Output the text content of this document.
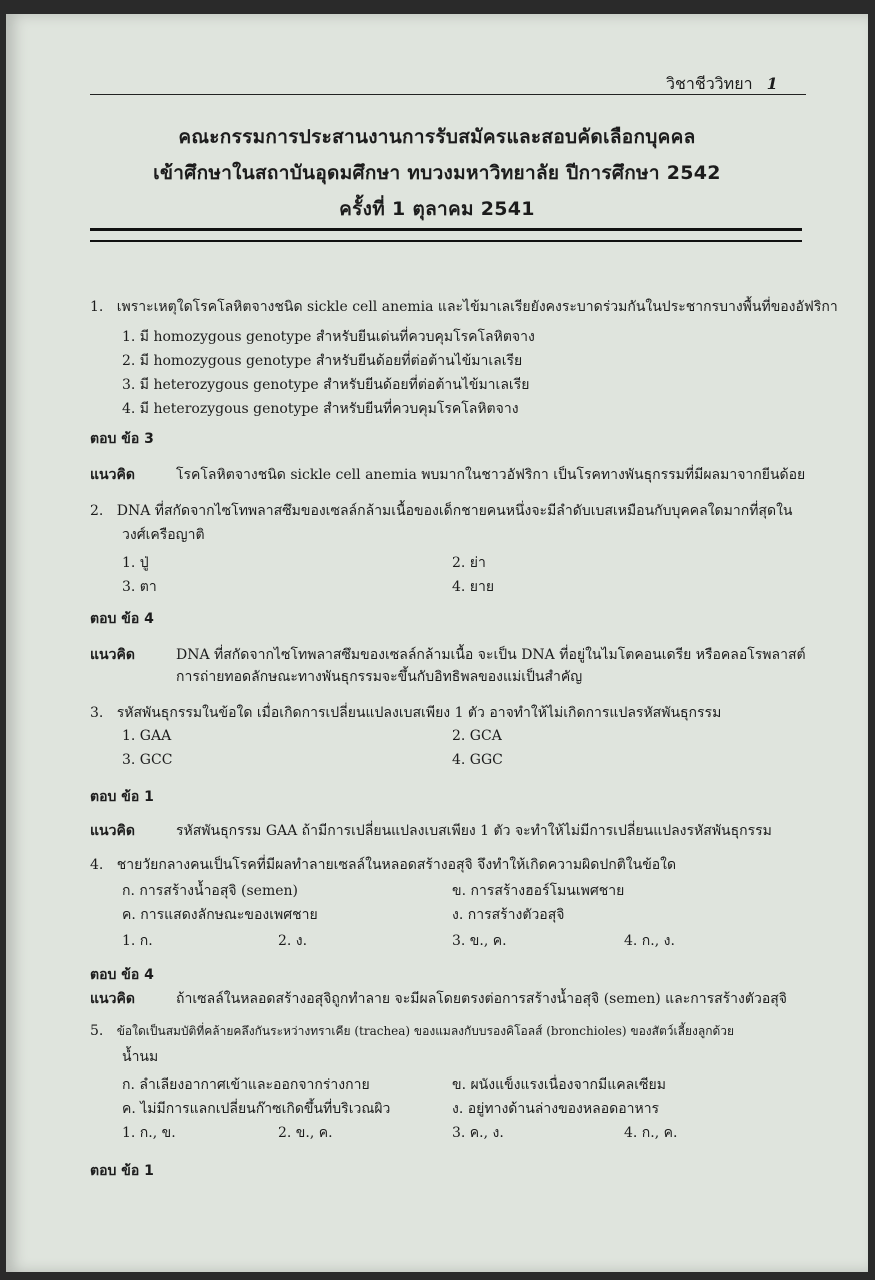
วิชาชีววิทยา 1
คณะกรรมการประสานงานการรับสมัครและสอบคัดเลือกบุคคล
เข้าศึกษาในสถาบันอุดมศึกษา ทบวงมหาวิทยาลัย ปีการศึกษา 2542
ครั้งที่ 1 ตุลาคม 2541
1. เพราะเหตุใดโรคโลหิตจางชนิด sickle cell anemia และไข้มาเลเรียยังคงระบาดร่วมกันในประชากรบางพื้นที่ของอัฟริกา
1. มี homozygous genotype สำหรับยีนเด่นที่ควบคุมโรคโลหิตจาง
2. มี homozygous genotype สำหรับยีนด้อยที่ต่อต้านไข้มาเลเรีย
3. มี heterozygous genotype สำหรับยีนด้อยที่ต่อต้านไข้มาเลเรีย
4. มี heterozygous genotype สำหรับยีนที่ควบคุมโรคโลหิตจาง
ตอบ ข้อ 3
แนวคิด	โรคโลหิตจางชนิด sickle cell anemia พบมากในชาวอัฟริกา เป็นโรคทางพันธุกรรมที่มีผลมาจากยีนด้อย
2. DNA ที่สกัดจากไซโทพลาสซึมของเซลล์กล้ามเนื้อของเด็กชายคนหนึ่งจะมีลำดับเบสเหมือนกับบุคคลใดมากที่สุดใน
วงศ์เครือญาติ
1. ปู่	2. ย่า
3. ตา	4. ยาย
ตอบ ข้อ 4
แนวคิด	DNA ที่สกัดจากไซโทพลาสซึมของเซลล์กล้ามเนื้อ จะเป็น DNA ที่อยู่ในไมโตคอนเดรีย หรือคลอโรพลาสต์
การถ่ายทอดลักษณะทางพันธุกรรมจะขึ้นกับอิทธิพลของแม่เป็นสำคัญ
3. รหัสพันธุกรรมในข้อใด เมื่อเกิดการเปลี่ยนแปลงเบสเพียง 1 ตัว อาจทำให้ไม่เกิดการแปลรหัสพันธุกรรม
1. GAA	2. GCA
3. GCC	4. GGC
ตอบ ข้อ 1
แนวคิด	รหัสพันธุกรรม GAA ถ้ามีการเปลี่ยนแปลงเบสเพียง 1 ตัว จะทำให้ไม่มีการเปลี่ยนแปลงรหัสพันธุกรรม
4. ชายวัยกลางคนเป็นโรคที่มีผลทำลายเซลล์ในหลอดสร้างอสุจิ จึงทำให้เกิดความผิดปกติในข้อใด
ก. การสร้างน้ำอสุจิ (semen)	ข. การสร้างฮอร์โมนเพศชาย
ค. การแสดงลักษณะของเพศชาย	ง. การสร้างตัวอสุจิ
1. ก.	2. ง.	3. ข., ค.	4. ก., ง.
ตอบ ข้อ 4
แนวคิด	ถ้าเซลล์ในหลอดสร้างอสุจิถูกทำลาย จะมีผลโดยตรงต่อการสร้างน้ำอสุจิ (semen) และการสร้างตัวอสุจิ
5. ข้อใดเป็นสมบัติที่คล้ายคลึงกันระหว่างทราเคีย (trachea) ของแมลงกับบรองคิโอลส์ (bronchioles) ของสัตว์เลี้ยงลูกด้วย
น้ำนม
ก. ลำเลียงอากาศเข้าและออกจากร่างกาย	ข. ผนังแข็งแรงเนื่องจากมีแคลเซียม
ค. ไม่มีการแลกเปลี่ยนก๊าซเกิดขึ้นที่บริเวณผิว	ง. อยู่ทางด้านล่างของหลอดอาหาร
1. ก., ข.	2. ข., ค.	3. ค., ง.	4. ก., ค.
ตอบ ข้อ 1
